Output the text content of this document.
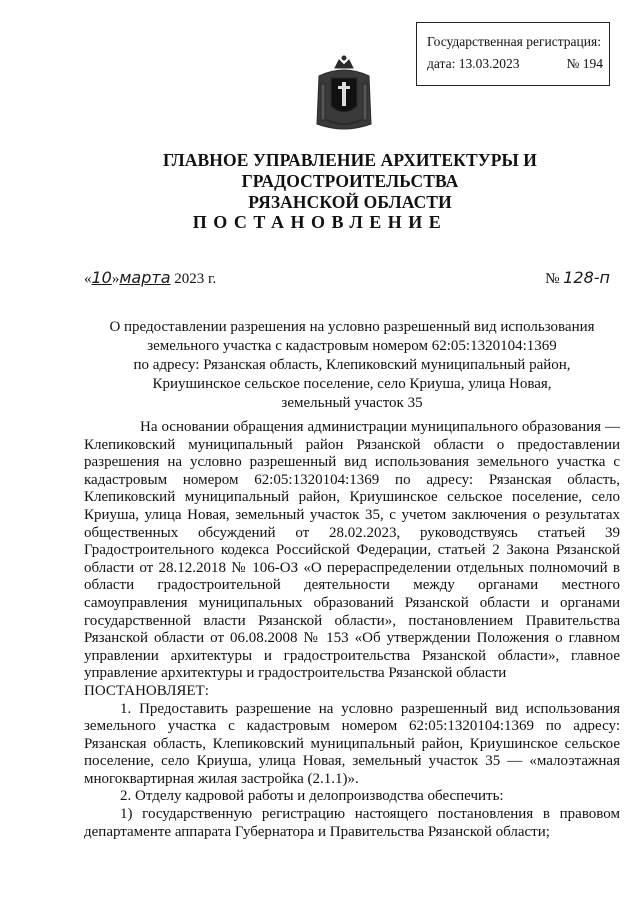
Государственная регистрация:
дата: 13.03.2023	№ 194
ГЛАВНОЕ УПРАВЛЕНИЕ АРХИТЕКТУРЫ И ГРАДОСТРОИТЕЛЬСТВА
РЯЗАНСКОЙ ОБЛАСТИ
ПОСТАНОВЛЕНИЕ
«10»марта 2023 г.	№ 128-п
О предоставлении разрешения на условно разрешенный вид использования
земельного участка с кадастровым номером 62:05:1320104:1369
по адресу: Рязанская область, Клепиковский муниципальный район,
Криушинское сельское поселение, село Криуша, улица Новая,
земельный участок 35

На основании обращения администрации муниципального образования — Клепиковский муниципальный район Рязанской области о предоставлении разрешения на условно разрешенный вид использования земельного участка с кадастровым номером 62:05:1320104:1369 по адресу: Рязанская область, Клепиковский муниципальный район, Криушинское сельское поселение, село Криуша, улица Новая, земельный участок 35, с учетом заключения о результатах общественных обсуждений от 28.02.2023, руководствуясь статьей 39 Градостроительного кодекса Российской Федерации, статьей 2 Закона Рязанской области от 28.12.2018 № 106-ОЗ «О перераспределении отдельных полномочий в области градостроительной деятельности между органами местного самоуправления муниципальных образований Рязанской области и органами государственной власти Рязанской области», постановлением Правительства Рязанской области от 06.08.2008 № 153 «Об утверждении Положения о главном управлении архитектуры и градостроительства Рязанской области», главное управление архитектуры и градостроительства Рязанской области

ПОСТАНОВЛЯЕТ:

1. Предоставить разрешение на условно разрешенный вид использования земельного участка с кадастровым номером 62:05:1320104:1369 по адресу: Рязанская область, Клепиковский муниципальный район, Криушинское сельское поселение, село Криуша, улица Новая, земельный участок 35 — «малоэтажная многоквартирная жилая застройка (2.1.1)».

2. Отделу кадровой работы и делопроизводства обеспечить:

1) государственную регистрацию настоящего постановления в правовом департаменте аппарата Губернатора и Правительства Рязанской области;
